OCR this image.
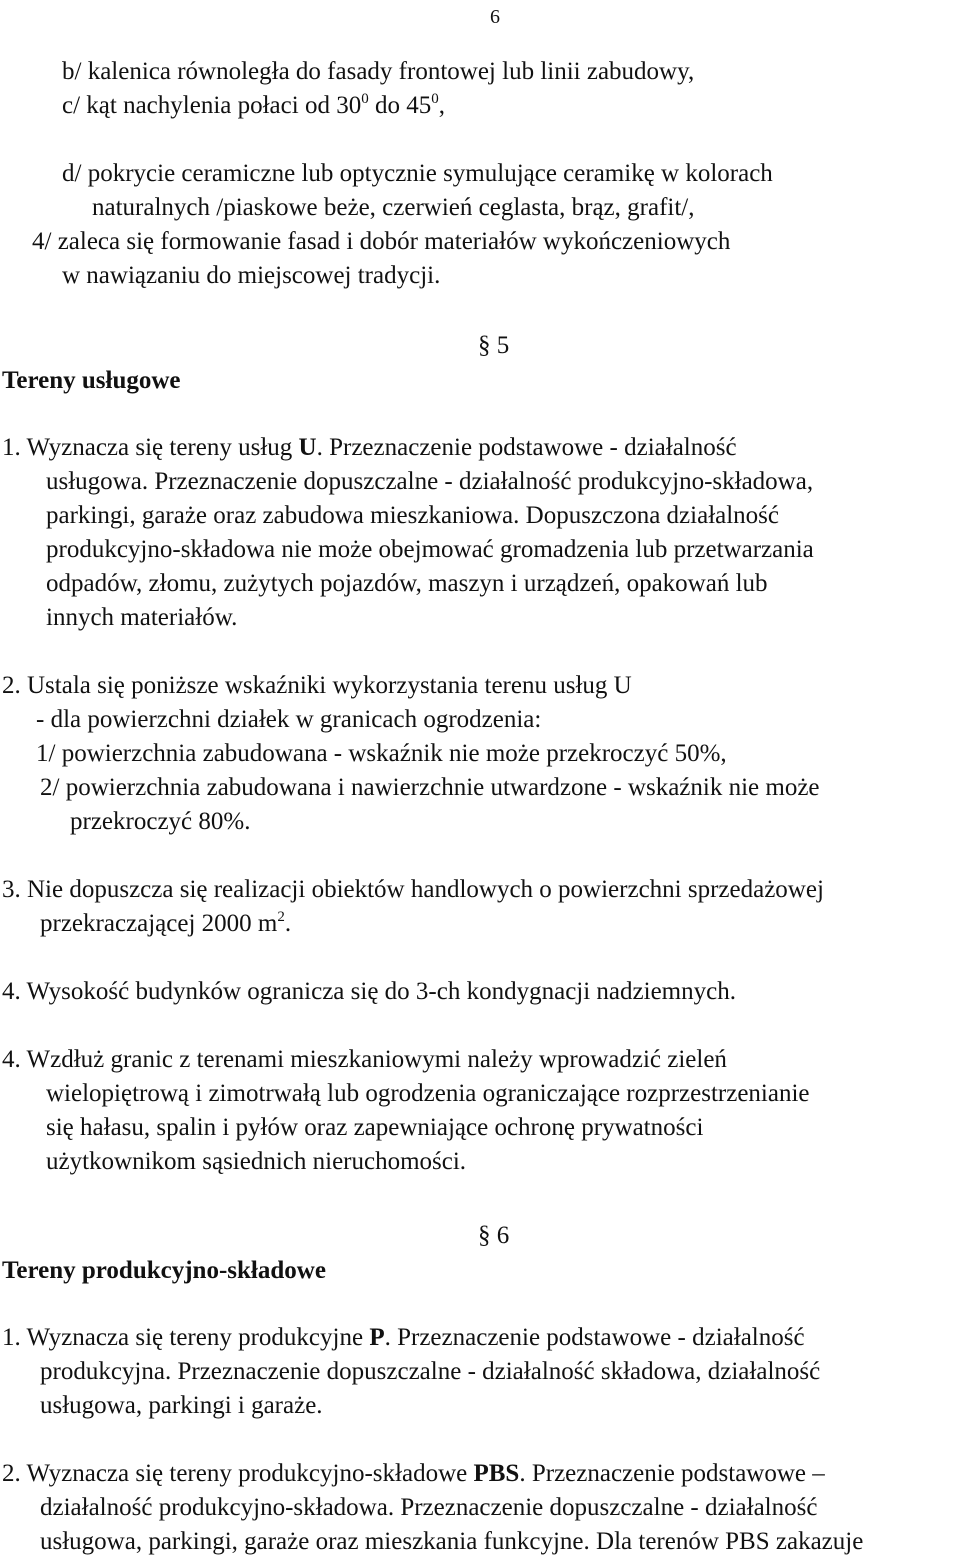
6
b/ kalenica równoległa do fasady frontowej lub linii zabudowy,
c/ kąt nachylenia połaci od $30^0$ do $45^0$,
d/ pokrycie ceramiczne lub optycznie symulujące ceramikę w kolorach
naturalnych /piaskowe beże, czerwień ceglasta, brąz, grafit/,
4/ zaleca się formowanie fasad i dobór materiałów wykończeniowych
w nawiązaniu do miejscowej tradycji.
§ 5
Tereny usługowe
1. Wyznacza się tereny usług U. Przeznaczenie podstawowe - działalność
usługowa. Przeznaczenie dopuszczalne - działalność produkcyjno-składowa,
parkingi, garaże oraz zabudowa mieszkaniowa. Dopuszczona działalność
produkcyjno-składowa nie może obejmować gromadzenia lub przetwarzania
odpadów, złomu, zużytych pojazdów, maszyn i urządzeń, opakowań lub
innych materiałów.
2. Ustala się poniższe wskaźniki wykorzystania terenu usług U
- dla powierzchni działek w granicach ogrodzenia:
1/ powierzchnia zabudowana - wskaźnik nie może przekroczyć 50%,
2/ powierzchnia zabudowana i nawierzchnie utwardzone - wskaźnik nie może
przekroczyć 80%.
3. Nie dopuszcza się realizacji obiektów handlowych o powierzchni sprzedażowej
przekraczającej 2000 $m^2$.
4. Wysokość budynków ogranicza się do 3-ch kondygnacji nadziemnych.
4. Wzdłuż granic z terenami mieszkaniowymi należy wprowadzić zieleń
wielopiętrową i zimotrwałą lub ogrodzenia ograniczające rozprzestrzenianie
się hałasu, spalin i pyłów oraz zapewniające ochronę prywatności
użytkownikom sąsiednich nieruchomości.
§ 6
Tereny produkcyjno-składowe
1. Wyznacza się tereny produkcyjne P. Przeznaczenie podstawowe - działalność
produkcyjna. Przeznaczenie dopuszczalne - działalność składowa, działalność
usługowa, parkingi i garaże.
2. Wyznacza się tereny produkcyjno-składowe PBS. Przeznaczenie podstawowe –
działalność produkcyjno-składowa. Przeznaczenie dopuszczalne - działalność
usługowa, parkingi, garaże oraz mieszkania funkcyjne. Dla terenów PBS zakazuje
